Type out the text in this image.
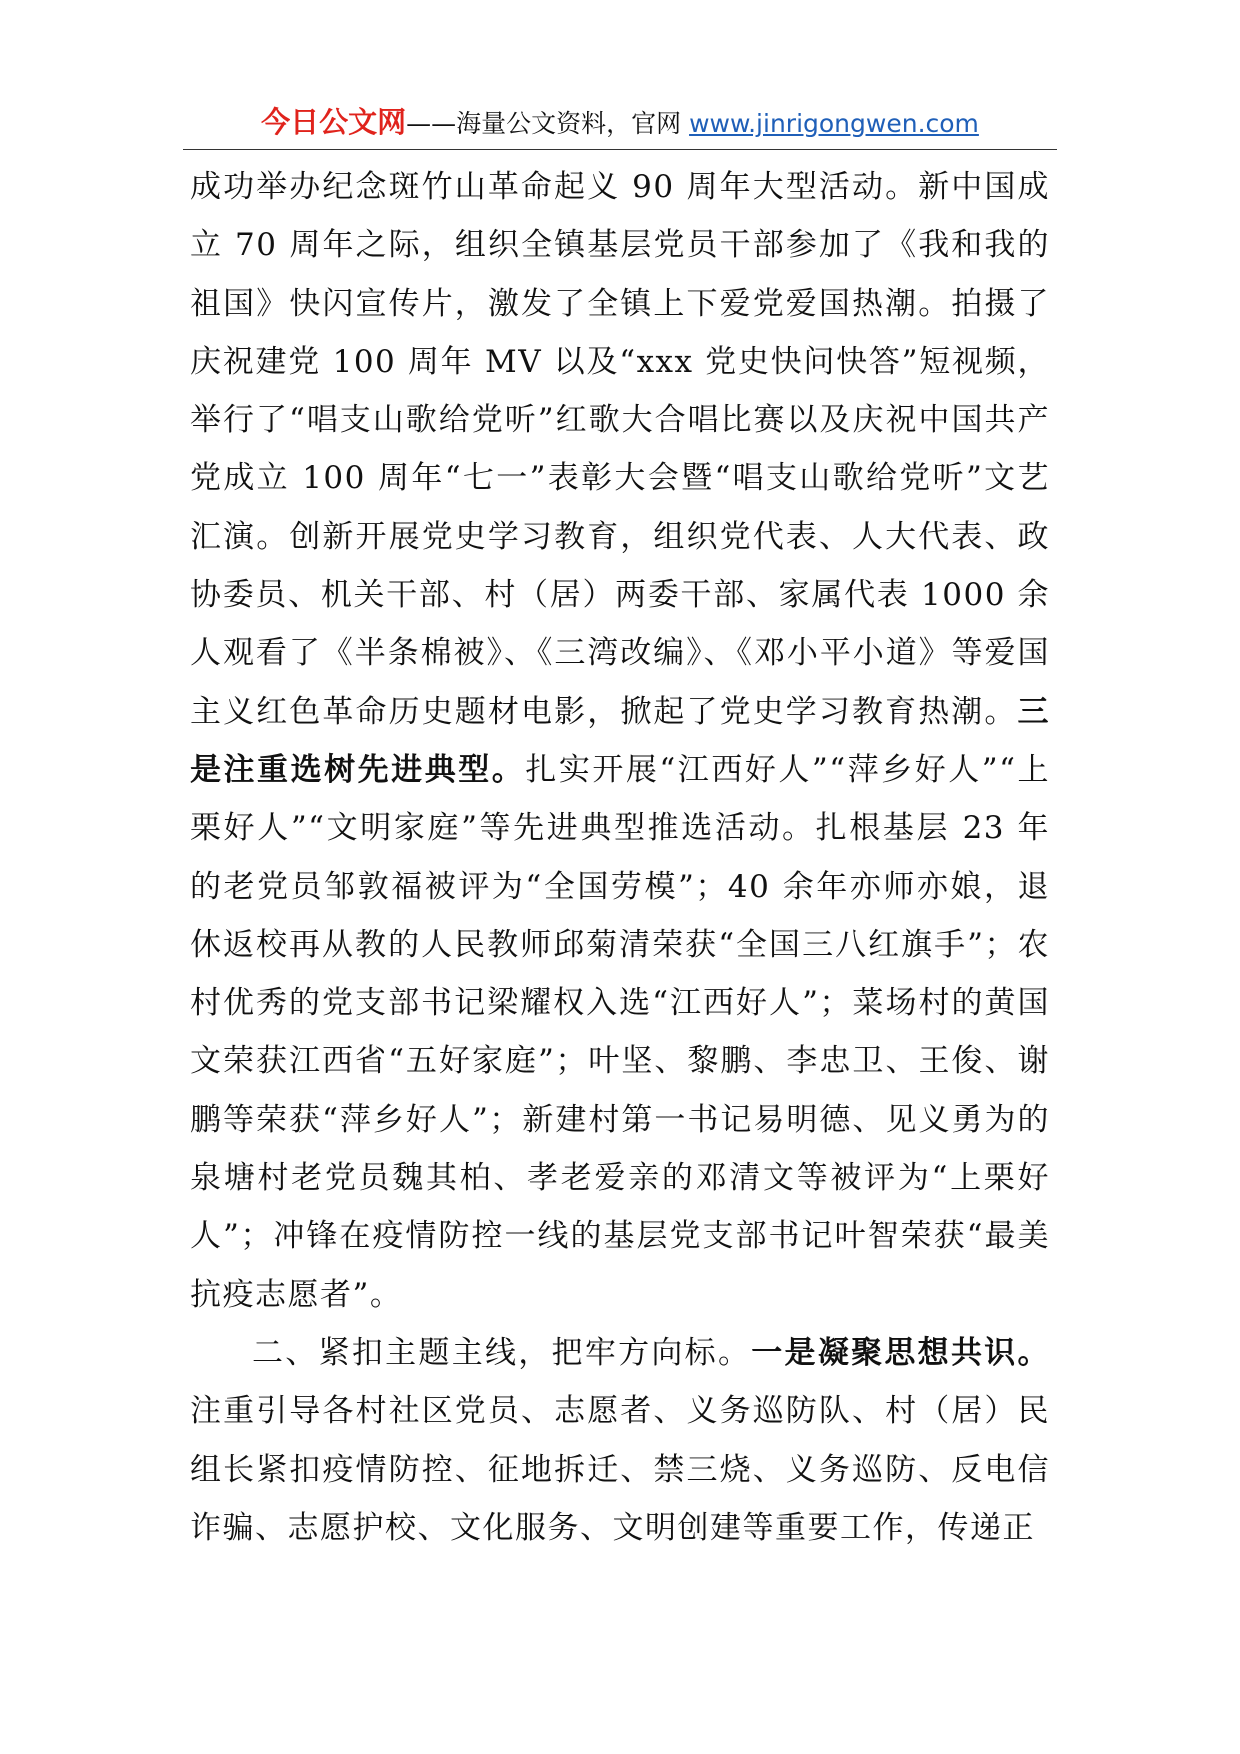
今日公文网——海量公文资料，官网 www.jinrigongwen.com

成功举办纪念斑竹山革命起义 90 周年大型活动。新中国成立 70 周年之际，组织全镇基层党员干部参加了《我和我的祖国》快闪宣传片，激发了全镇上下爱党爱国热潮。拍摄了庆祝建党 100 周年 MV 以及“xxx 党史快问快答”短视频，举行了“唱支山歌给党听”红歌大合唱比赛以及庆祝中国共产党成立 100 周年“七一”表彰大会暨“唱支山歌给党听”文艺汇演。创新开展党史学习教育，组织党代表、人大代表、政协委员、机关干部、村（居）两委干部、家属代表 1000 余人观看了《半条棉被》、《三湾改编》、《邓小平小道》等爱国主义红色革命历史题材电影，掀起了党史学习教育热潮。三是注重选树先进典型。扎实开展“江西好人”“萍乡好人”“上栗好人”“文明家庭”等先进典型推选活动。扎根基层 23 年的老党员邹敦福被评为“全国劳模”；40 余年亦师亦娘，退休返校再从教的人民教师邱菊清荣获“全国三八红旗手”；农村优秀的党支部书记梁耀权入选“江西好人”；菜场村的黄国文荣获江西省“五好家庭”；叶坚、黎鹏、李忠卫、王俊、谢鹏等荣获“萍乡好人”；新建村第一书记易明德、见义勇为的泉塘村老党员魏其柏、孝老爱亲的邓清文等被评为“上栗好人”；冲锋在疫情防控一线的基层党支部书记叶智荣获“最美抗疫志愿者”。

二、紧扣主题主线，把牢方向标。一是凝聚思想共识。注重引导各村社区党员、志愿者、义务巡防队、村（居）民组长紧扣疫情防控、征地拆迁、禁三烧、义务巡防、反电信诈骗、志愿护校、文化服务、文明创建等重要工作，传递正
